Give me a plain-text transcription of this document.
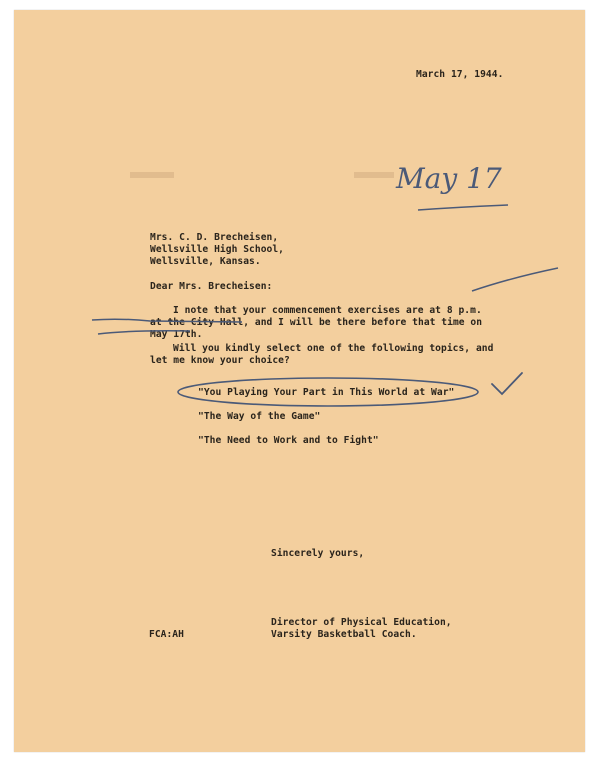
March 17, 1944.
May 17
Mrs. C. D. Brecheisen,
Wellsville High School,
Wellsville, Kansas.
Dear Mrs. Brecheisen:
I note that your commencement exercises are at 8 p.m.
at the City Hall, and I will be there before that time on
May 17th.
Will you kindly select one of the following topics, and
let me know your choice?
"You Playing Your Part in This World at War"
"The Way of the Game"
"The Need to Work and to Fight"
Sincerely yours,
Director of Physical Education,
Varsity Basketball Coach.
FCA:AH
